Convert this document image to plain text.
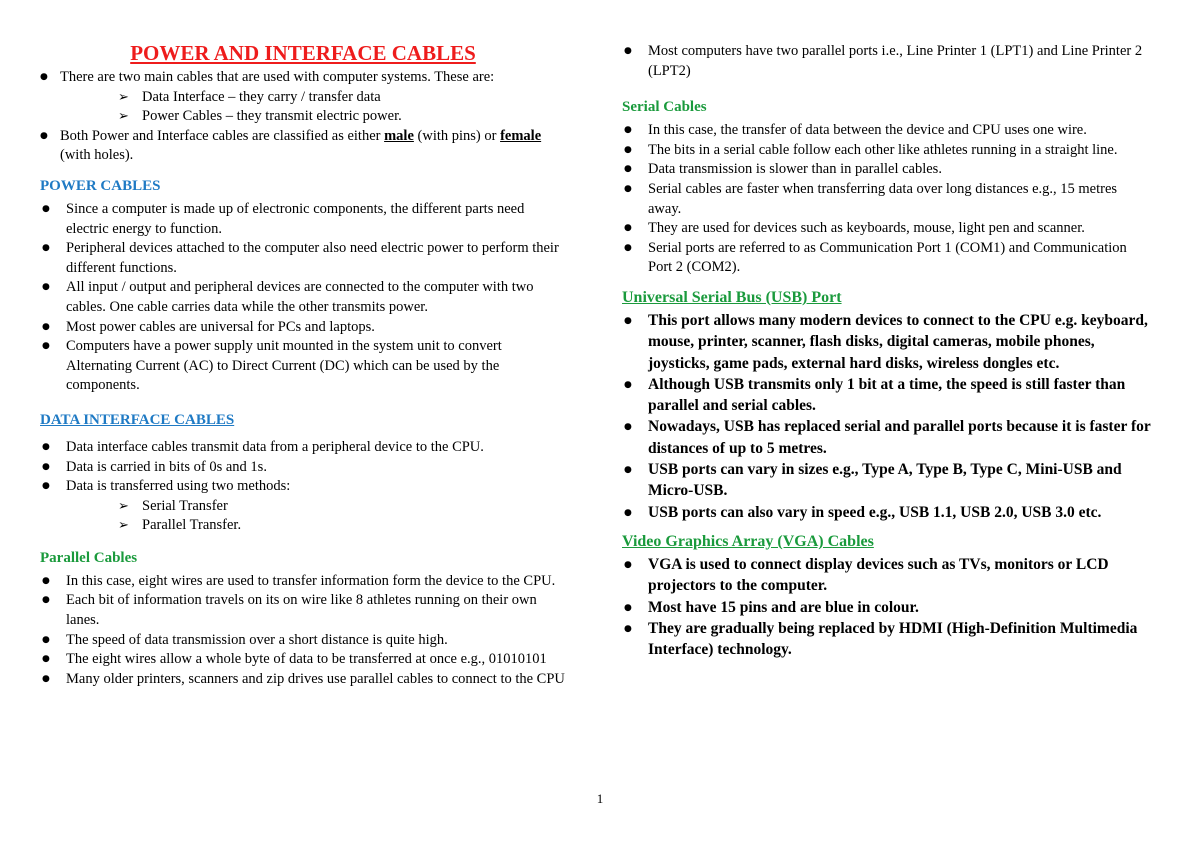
POWER AND INTERFACE CABLES
● There are two main cables that are used with computer systems. These are:
➢ Data Interface – they carry / transfer data
➢ Power Cables – they transmit electric power.
● Both Power and Interface cables are classified as either male (with pins) or female (with holes).
POWER CABLES
● Since a computer is made up of electronic components, the different parts need electric energy to function.
● Peripheral devices attached to the computer also need electric power to perform their different functions.
● All input / output and peripheral devices are connected to the computer with two cables. One cable carries data while the other transmits power.
● Most power cables are universal for PCs and laptops.
● Computers have a power supply unit mounted in the system unit to convert Alternating Current (AC) to Direct Current (DC) which can be used by the components.
DATA INTERFACE CABLES
● Data interface cables transmit data from a peripheral device to the CPU.
● Data is carried in bits of 0s and 1s.
● Data is transferred using two methods:
➢ Serial Transfer
➢ Parallel Transfer.
Parallel Cables
● In this case, eight wires are used to transfer information form the device to the CPU.
● Each bit of information travels on its on wire like 8 athletes running on their own lanes.
● The speed of data transmission over a short distance is quite high.
● The eight wires allow a whole byte of data to be transferred at once e.g., 01010101
● Many older printers, scanners and zip drives use parallel cables to connect to the CPU
● Most computers have two parallel ports i.e., Line Printer 1 (LPT1) and Line Printer 2 (LPT2)
Serial Cables
● In this case, the transfer of data between the device and CPU uses one wire.
● The bits in a serial cable follow each other like athletes running in a straight line.
● Data transmission is slower than in parallel cables.
● Serial cables are faster when transferring data over long distances e.g., 15 metres away.
● They are used for devices such as keyboards, mouse, light pen and scanner.
● Serial ports are referred to as Communication Port 1 (COM1) and Communication Port 2 (COM2).
Universal Serial Bus (USB) Port
● This port allows many modern devices to connect to the CPU e.g. keyboard, mouse, printer, scanner, flash disks, digital cameras, mobile phones, joysticks, game pads, external hard disks, wireless dongles etc.
● Although USB transmits only 1 bit at a time, the speed is still faster than parallel and serial cables.
● Nowadays, USB has replaced serial and parallel ports because it is faster for distances of up to 5 metres.
● USB ports can vary in sizes e.g., Type A, Type B, Type C, Mini-USB and Micro-USB.
● USB ports can also vary in speed e.g., USB 1.1, USB 2.0, USB 3.0 etc.
Video Graphics Array (VGA) Cables
● VGA is used to connect display devices such as TVs, monitors or LCD projectors to the computer.
● Most have 15 pins and are blue in colour.
● They are gradually being replaced by HDMI (High-Definition Multimedia Interface) technology.
1
